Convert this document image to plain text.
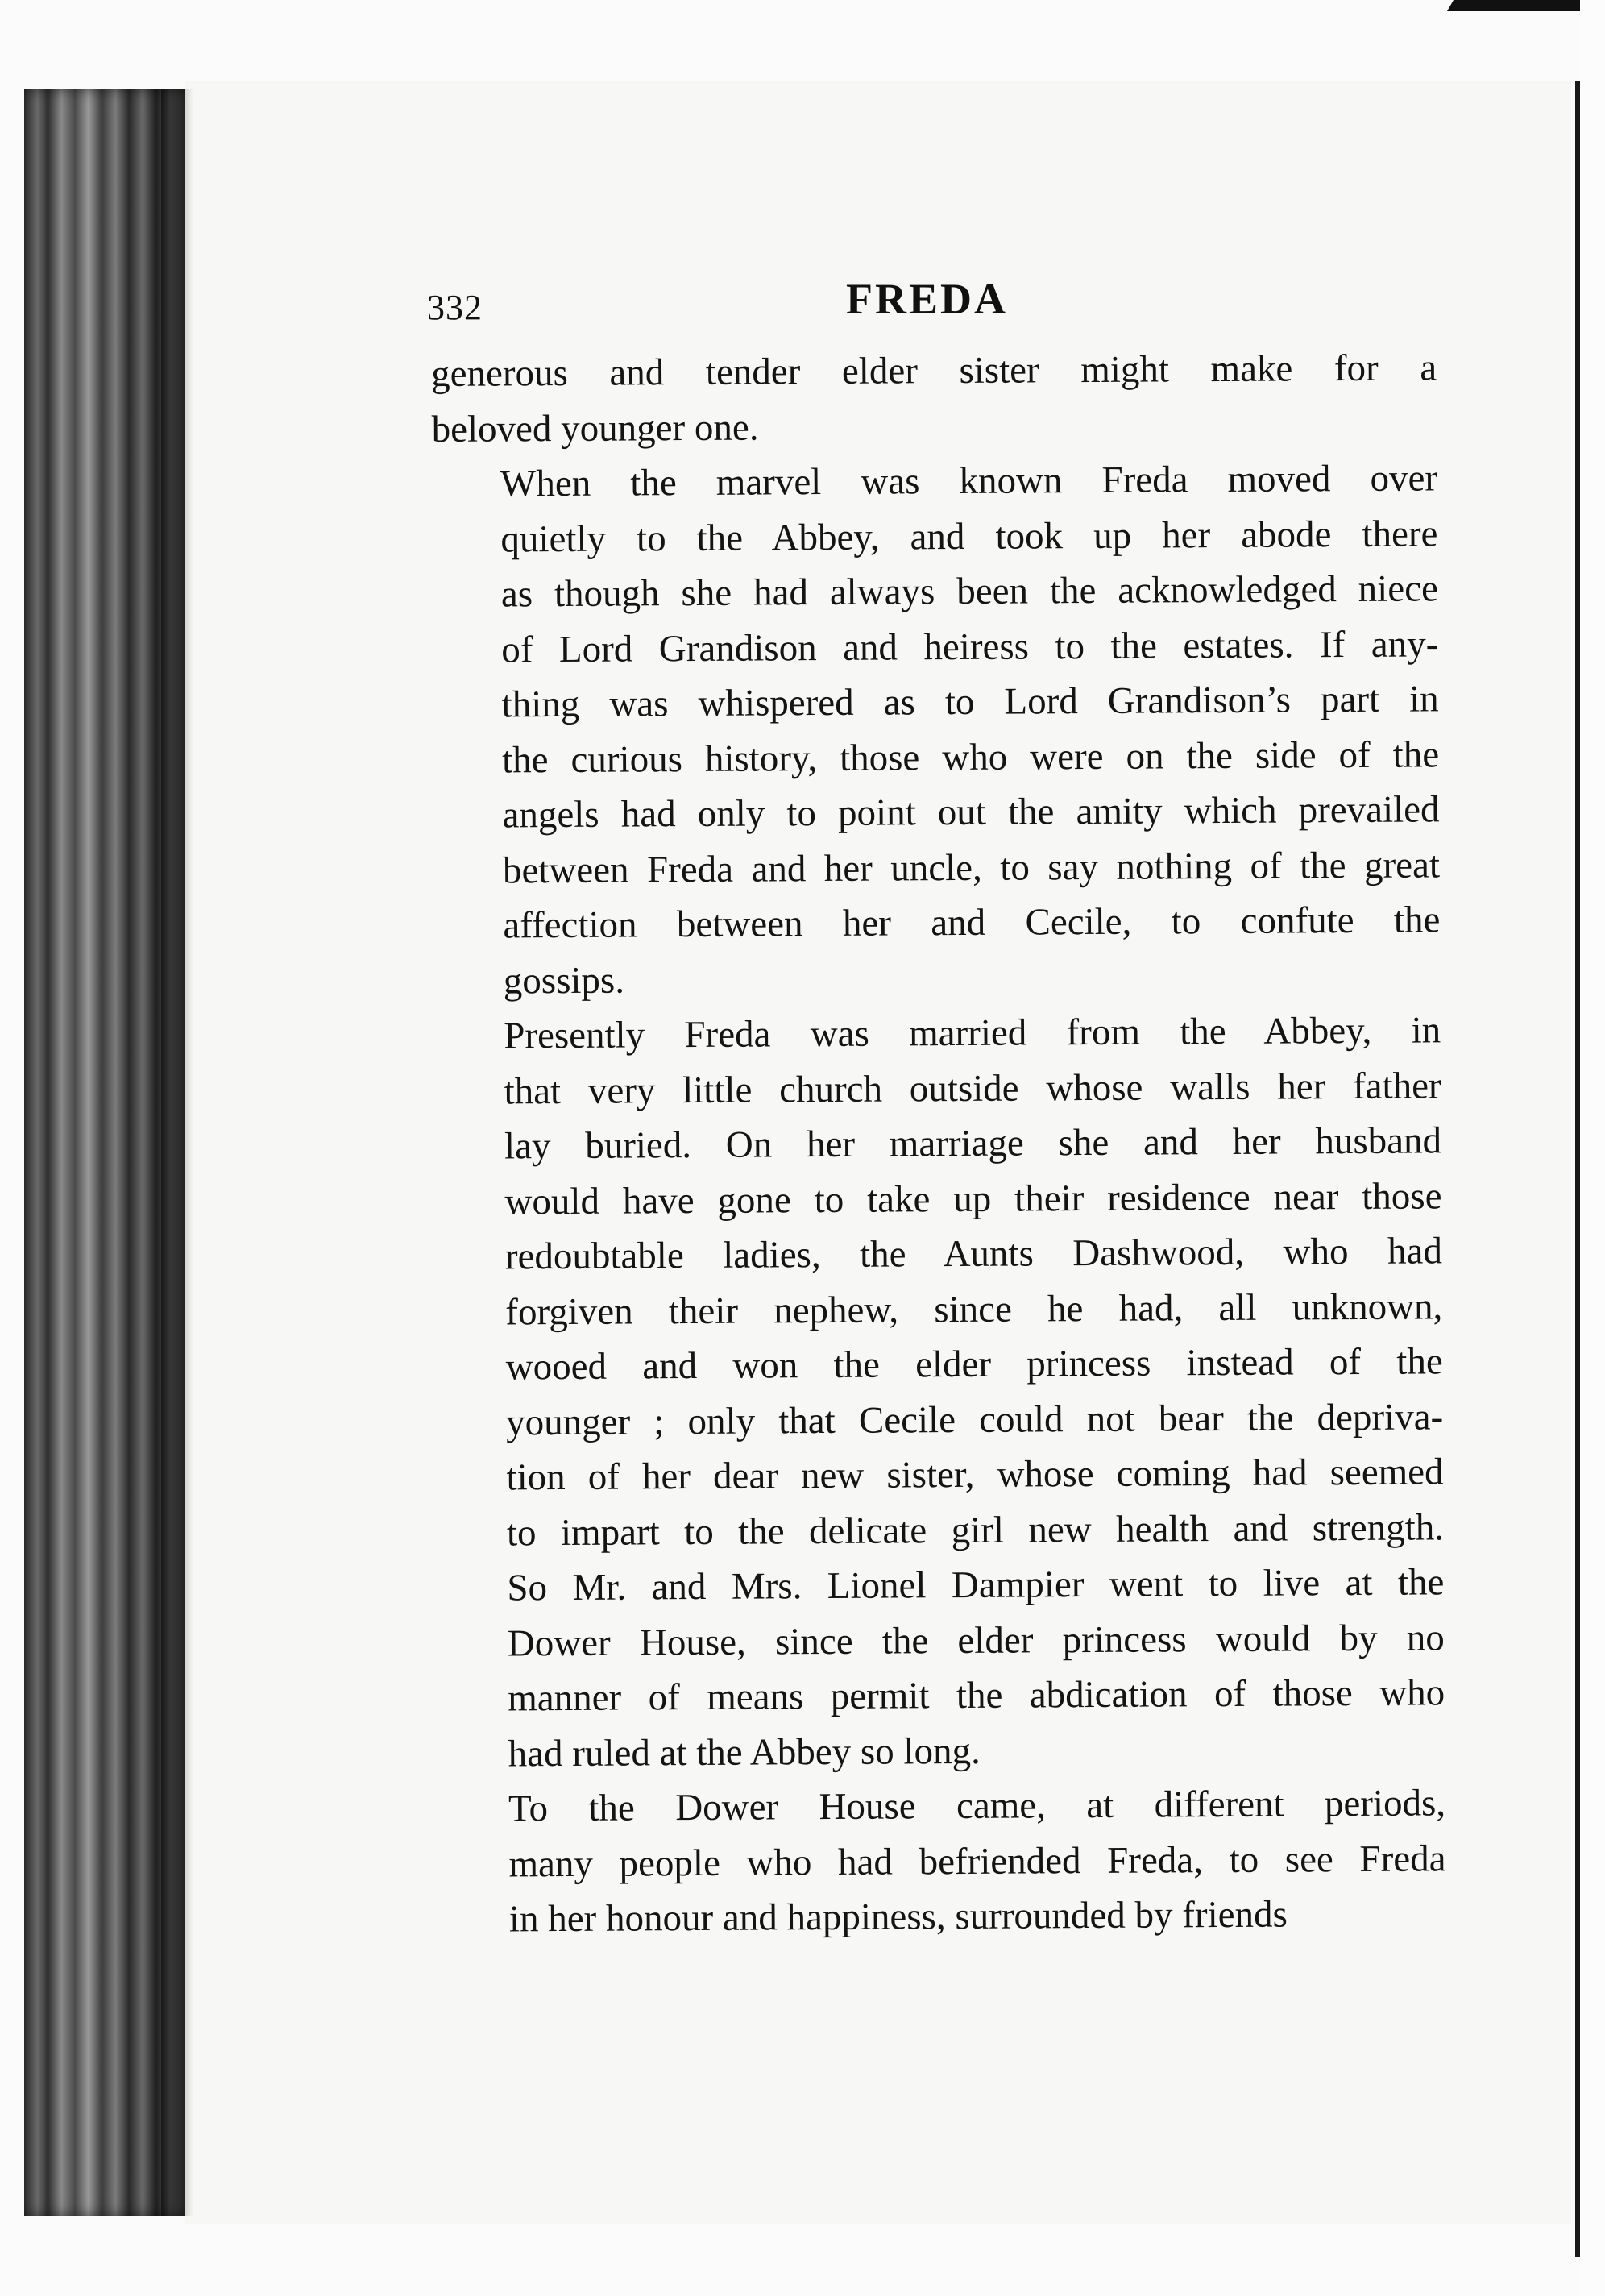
332	FREDA
generous and tender elder sister might make for a
beloved younger one.
When the marvel was known Freda moved over
quietly to the Abbey, and took up her abode there
as though she had always been the acknowledged niece
of Lord Grandison and heiress to the estates. If any-
thing was whispered as to Lord Grandison’s part in
the curious history, those who were on the side of the
angels had only to point out the amity which prevailed
between Freda and her uncle, to say nothing of the great
affection between her and Cecile, to confute the
gossips.
Presently Freda was married from the Abbey, in
that very little church outside whose walls her father
lay buried. On her marriage she and her husband
would have gone to take up their residence near those
redoubtable ladies, the Aunts Dashwood, who had
forgiven their nephew, since he had, all unknown,
wooed and won the elder princess instead of the
younger ; only that Cecile could not bear the depriva-
tion of her dear new sister, whose coming had seemed
to impart to the delicate girl new health and strength.
So Mr. and Mrs. Lionel Dampier went to live at the
Dower House, since the elder princess would by no
manner of means permit the abdication of those who
had ruled at the Abbey so long.
To the Dower House came, at different periods,
many people who had befriended Freda, to see Freda
in her honour and happiness, surrounded by friends
